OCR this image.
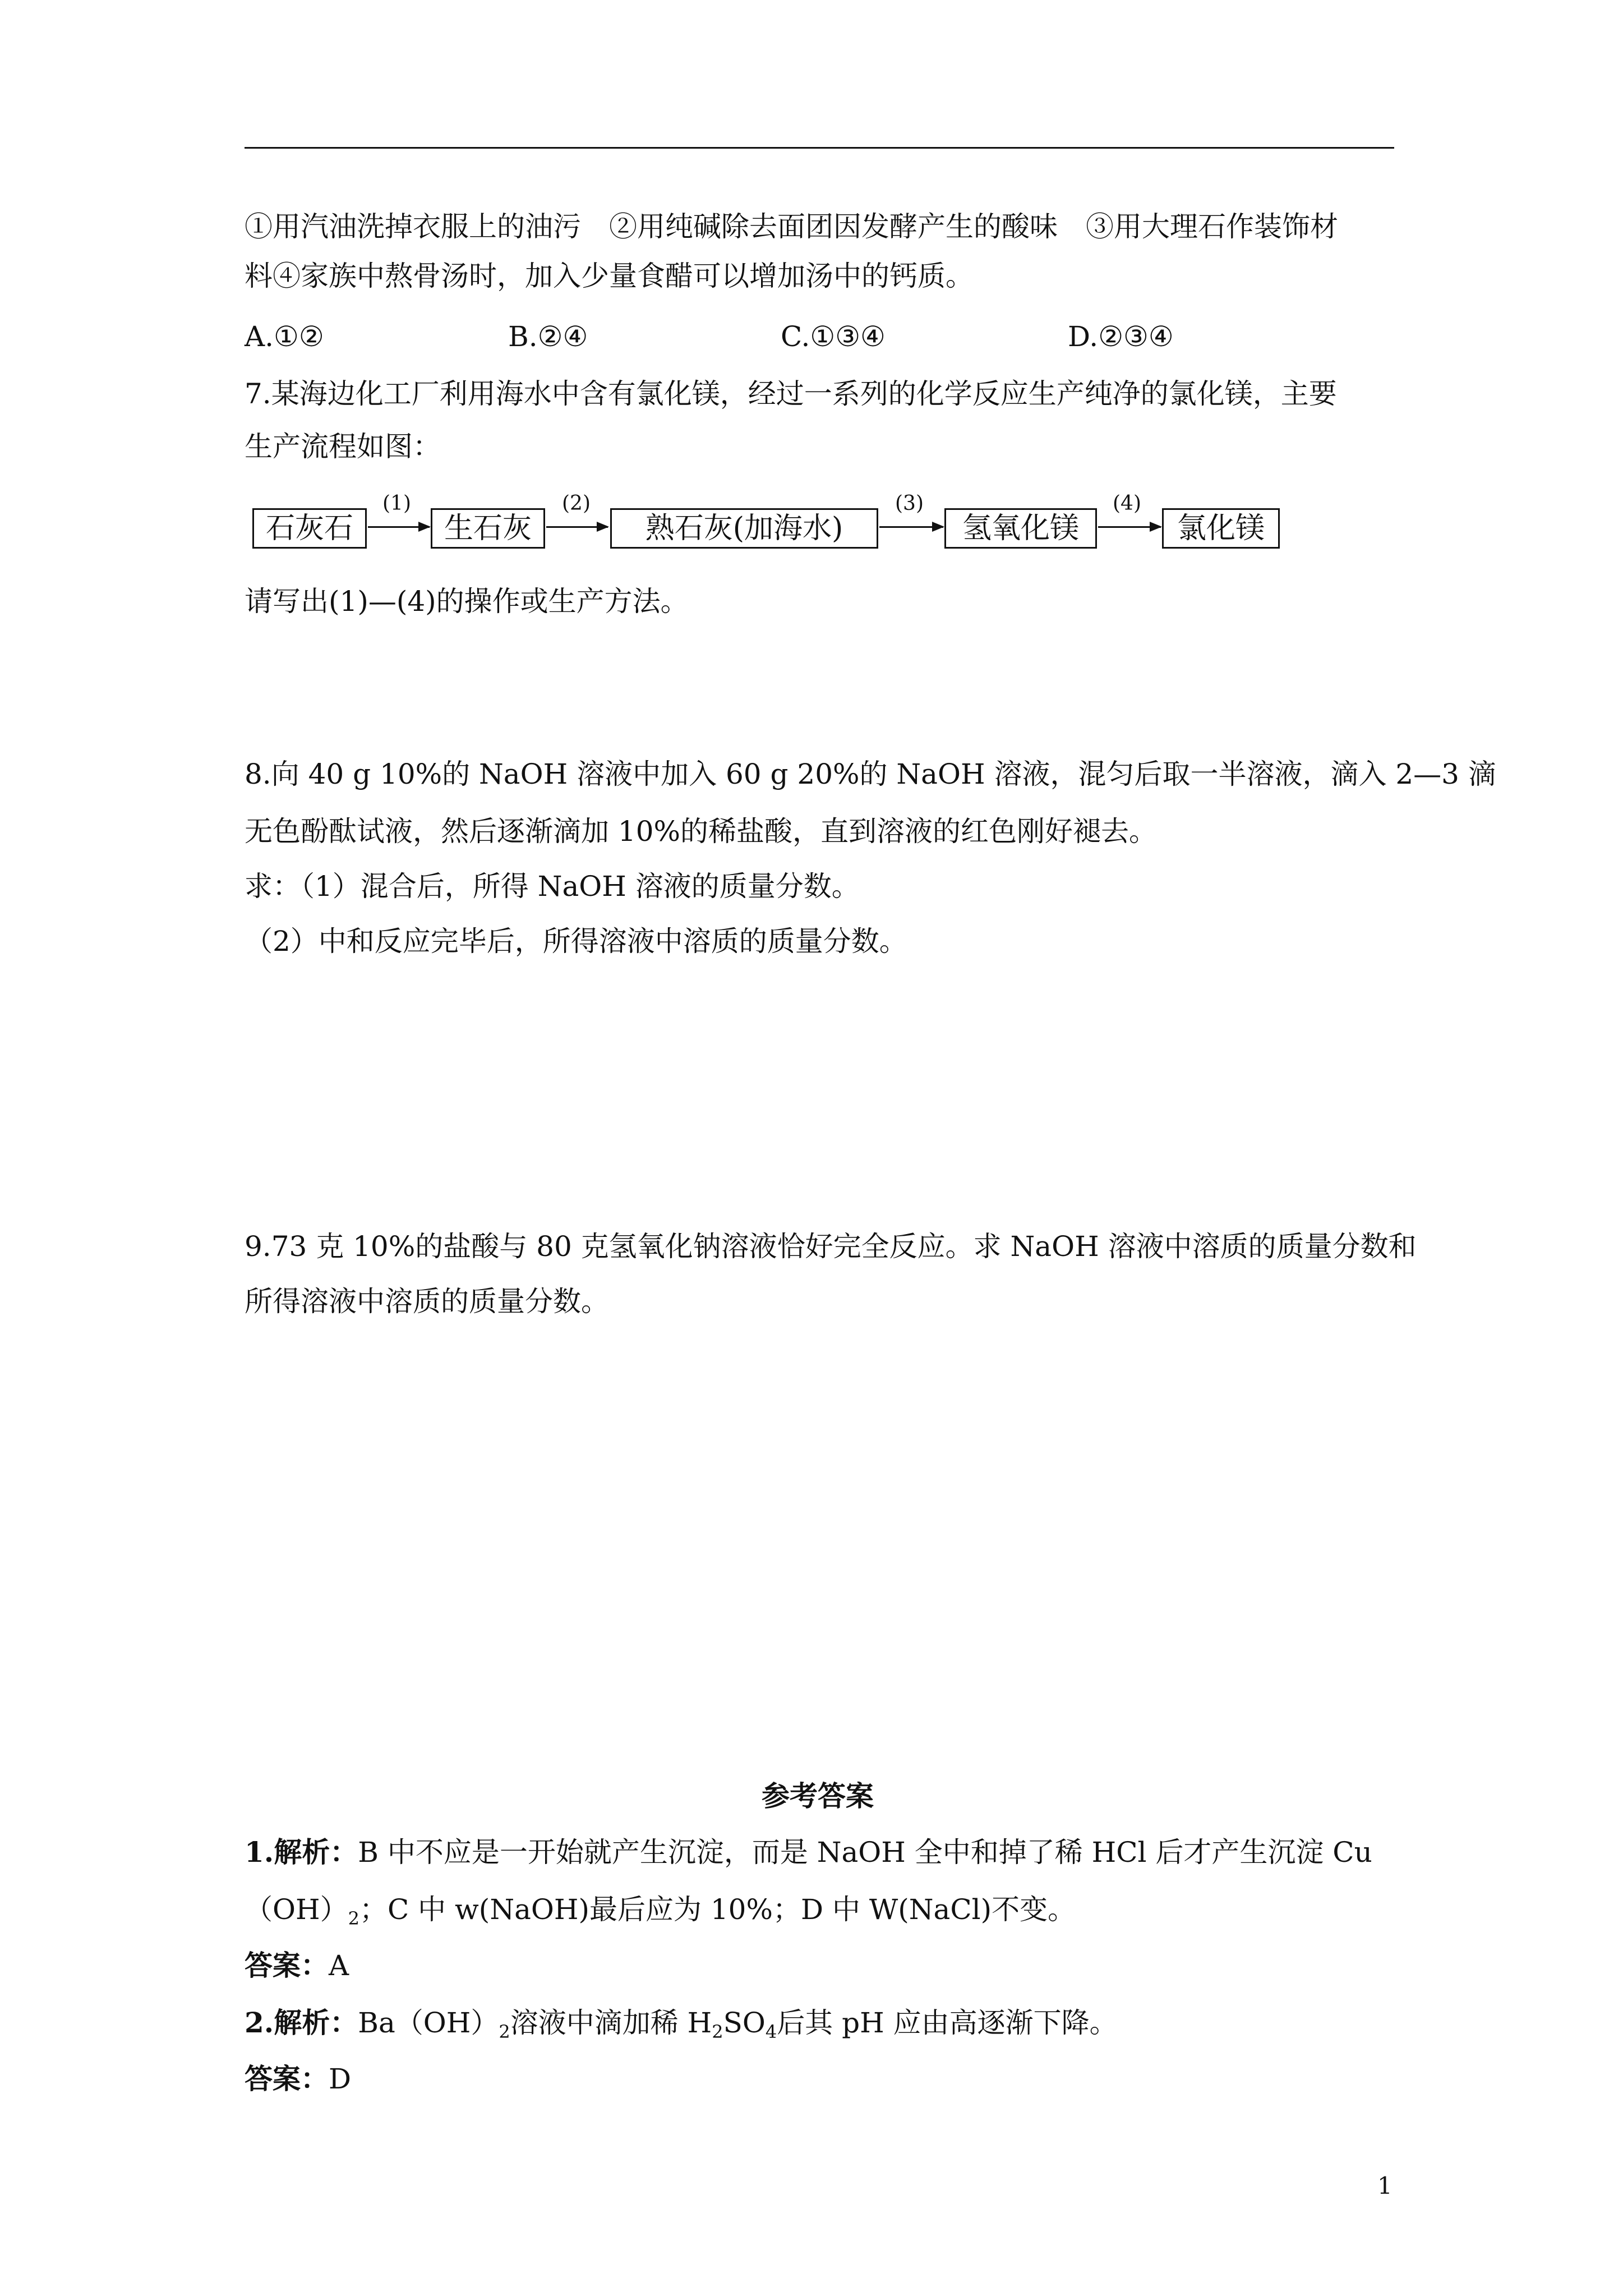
①用汽油洗掉衣服上的油污　②用纯碱除去面团因发酵产生的酸味　③用大理石作装饰材
料④家族中熬骨汤时，加入少量食醋可以增加汤中的钙质。
A.①②	B.②④	C.①③④	D.②③④
7.某海边化工厂利用海水中含有氯化镁，经过一系列的化学反应生产纯净的氯化镁，主要
生产流程如图：
石灰石
(1)
生石灰
(2)
熟石灰(加海水)
(3)
氢氧化镁
(4)
氯化镁
请写出(1)—(4)的操作或生产方法。
8.向 40 g 10%的 NaOH 溶液中加入 60 g 20%的 NaOH 溶液，混匀后取一半溶液，滴入 2—3 滴
无色酚酞试液，然后逐渐滴加 10%的稀盐酸，直到溶液的红色刚好褪去。
求：（1）混合后，所得 NaOH 溶液的质量分数。
（2）中和反应完毕后，所得溶液中溶质的质量分数。
9.73 克 10%的盐酸与 80 克氢氧化钠溶液恰好完全反应。求 NaOH 溶液中溶质的质量分数和
所得溶液中溶质的质量分数。
参考答案
1.解析：B 中不应是一开始就产生沉淀，而是 NaOH 全中和掉了稀 HCl 后才产生沉淀 Cu
$(OH)_2$；C 中 w(NaOH)最后应为 10%；D 中 W(NaCl)不变。
答案：A
2.解析：$Ba(OH)_2$溶液中滴加稀 $H_2SO_4$后其 pH 应由高逐渐下降。
答案：D
1
